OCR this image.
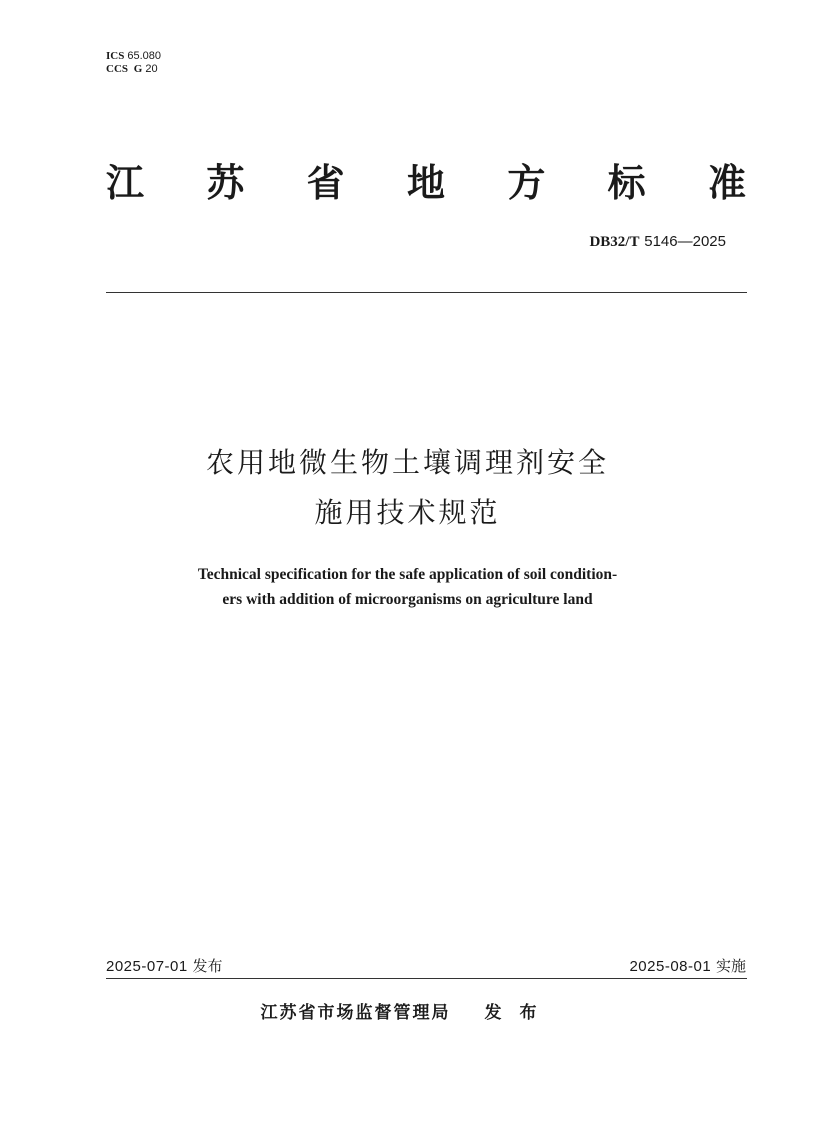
ICS 65.080
CCS G 20
江 苏 省 地 方 标 准
DB32/T 5146—2025
农用地微生物土壤调理剂安全
施用技术规范
Technical specification for the safe application of soil condition-
ers with addition of microorganisms on agriculture land
2025-07-01 发布	2025-08-01 实施
江苏省市场监督管理局 发布
